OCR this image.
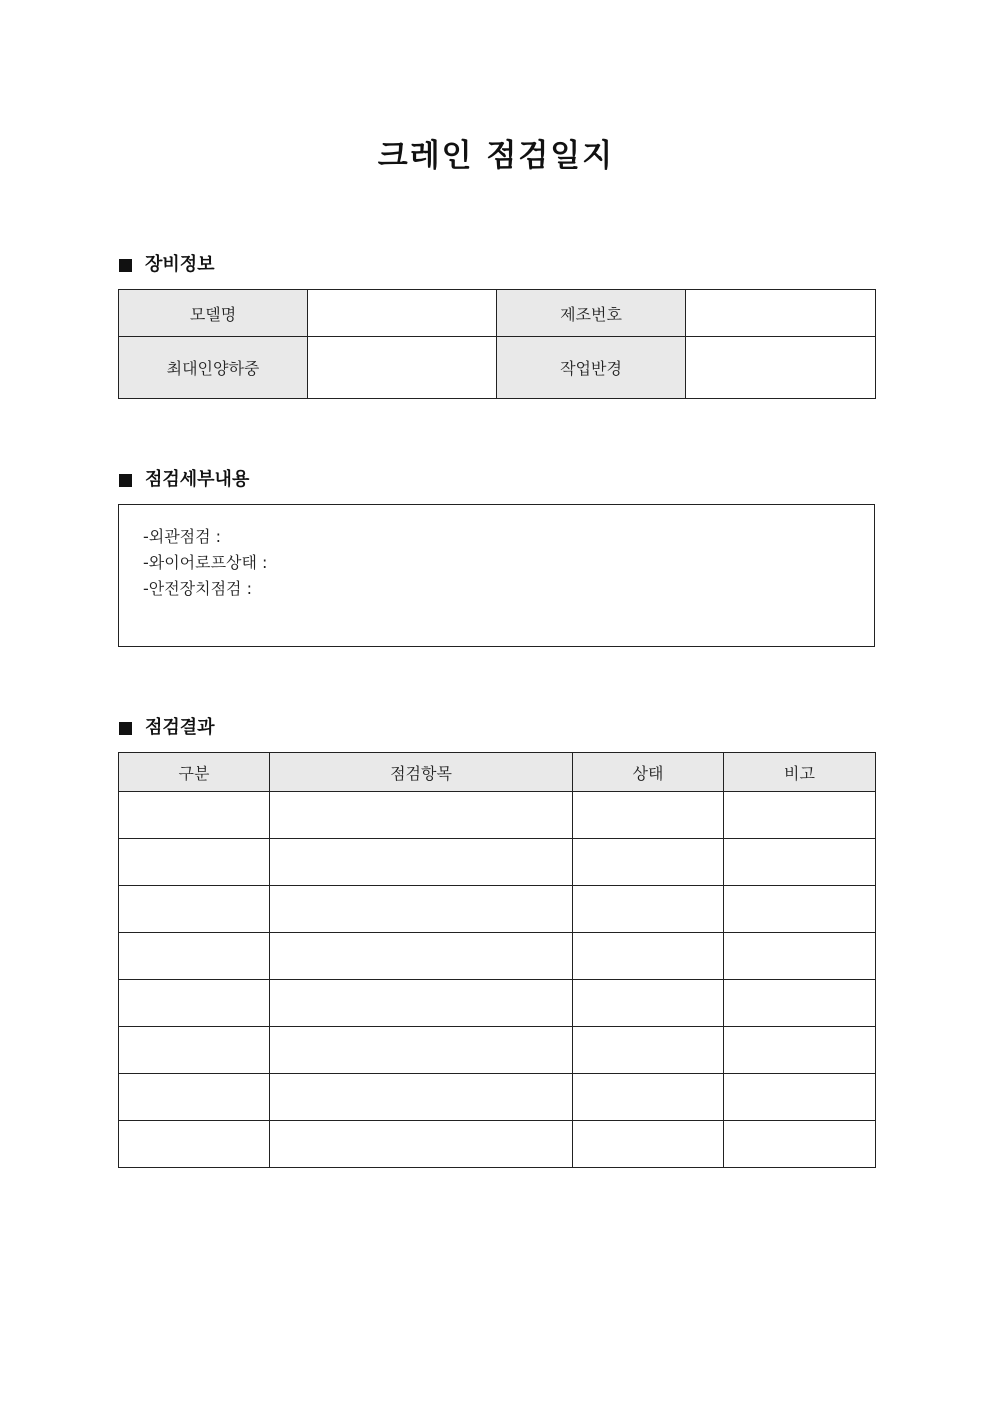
크레인 점검일지
장비정보
모델명		제조번호	
최대인양하중		작업반경	
점검세부내용
-외관점검 :
-와이어로프상태 :
-안전장치점검 :
점검결과
구분	점검항목	상태	비고
